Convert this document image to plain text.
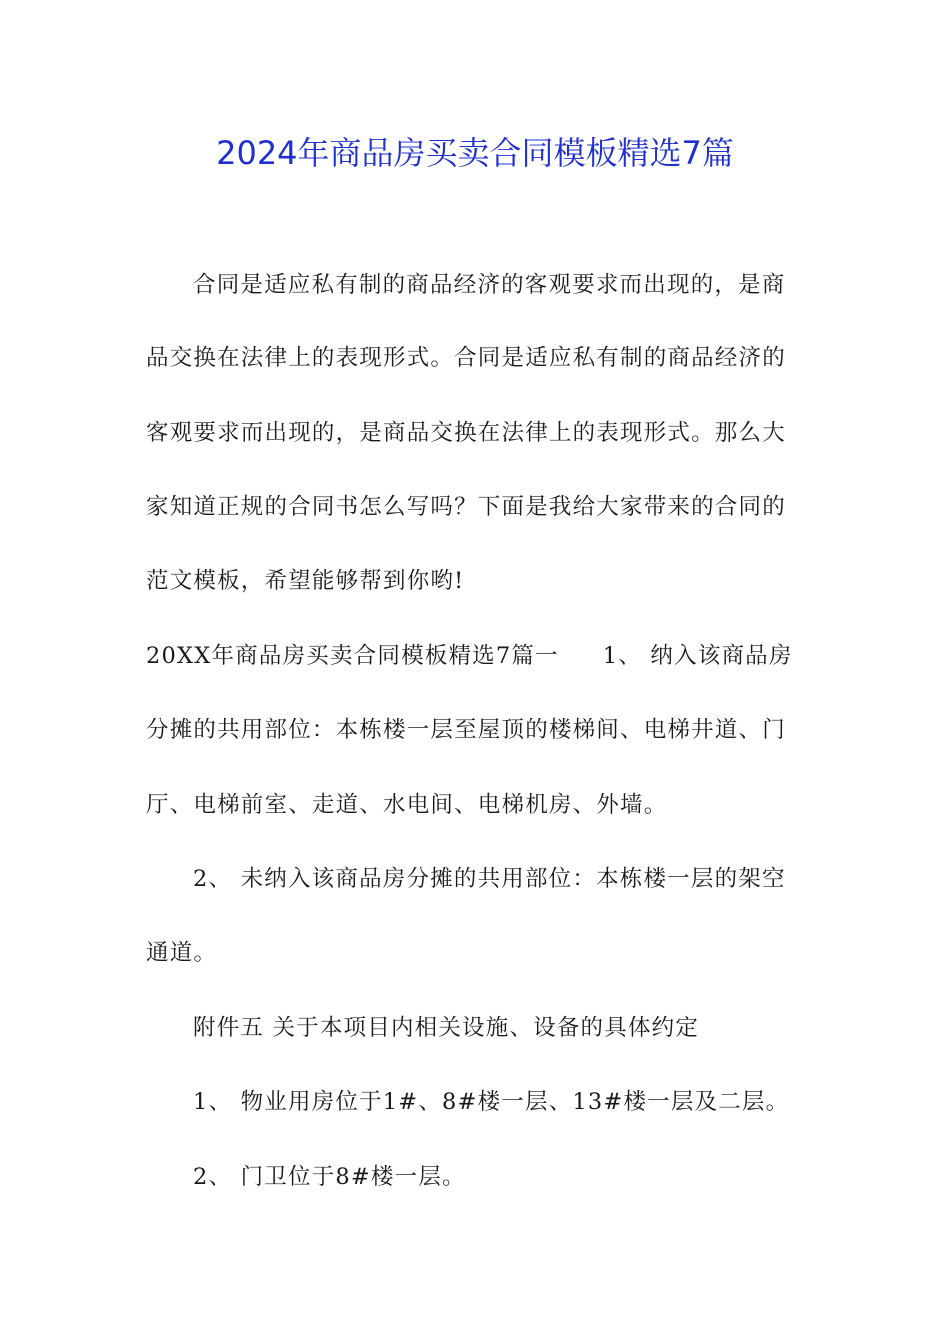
2024年商品房买卖合同模板精选7篇

合同是适应私有制的商品经济的客观要求而出现的，是商

品交换在法律上的表现形式。合同是适应私有制的商品经济的

客观要求而出现的，是商品交换在法律上的表现形式。那么大

家知道正规的合同书怎么写吗？下面是我给大家带来的合同的

范文模板，希望能够帮到你哟!

20XX年商品房买卖合同模板精选7篇一 1、 纳入该商品房

分摊的共用部位：本栋楼一层至屋顶的楼梯间、电梯井道、门

厅、电梯前室、走道、水电间、电梯机房、外墙。

2、 未纳入该商品房分摊的共用部位：本栋楼一层的架空

通道。

附件五 关于本项目内相关设施、设备的具体约定

1、 物业用房位于1#、8#楼一层、13#楼一层及二层。

2、 门卫位于8#楼一层。
